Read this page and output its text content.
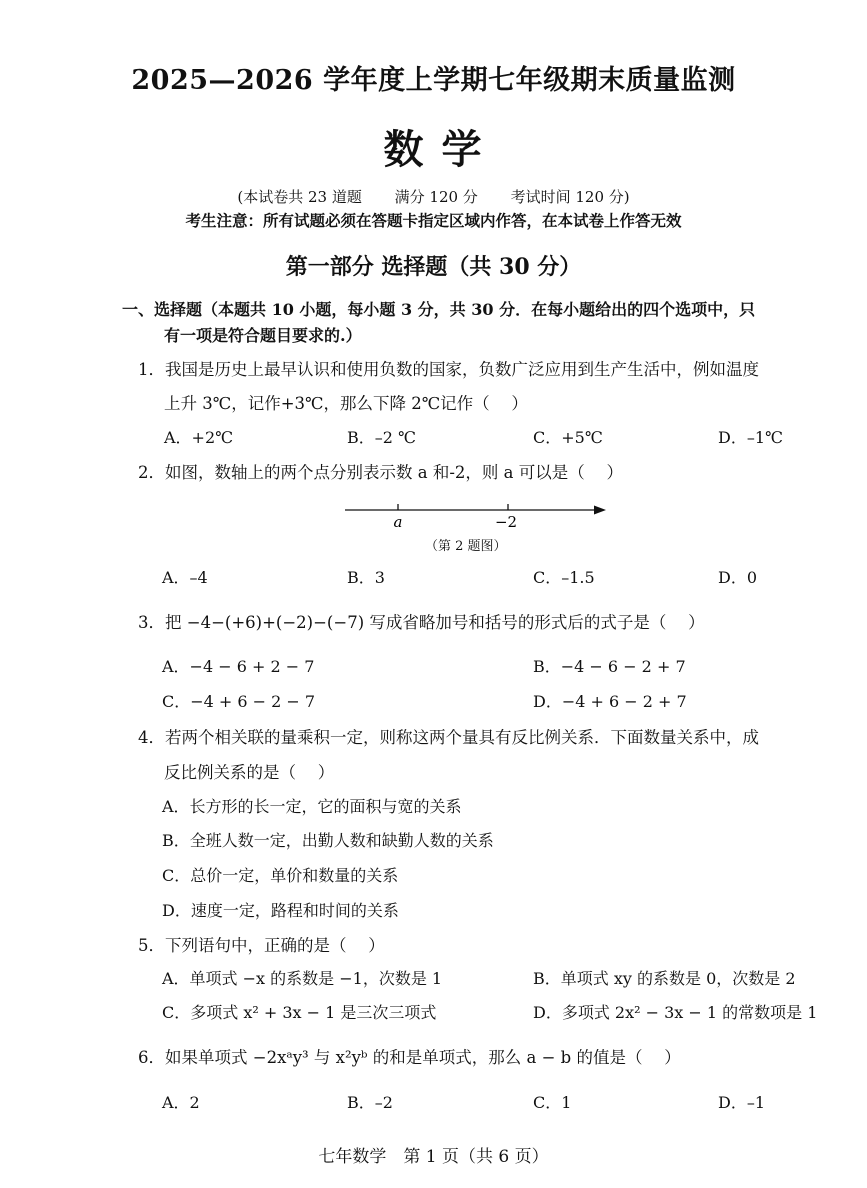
2025—2026 学年度上学期七年级期末质量监测
数 学
(本试卷共 23 道题 满分 120 分 考试时间 120 分)
考生注意：所有试题必须在答题卡指定区域内作答，在本试卷上作答无效
第一部分 选择题（共 30 分）
一、选择题（本题共 10 小题，每小题 3 分，共 30 分．在每小题给出的四个选项中，只
有一项是符合题目要求的.）
1．我国是历史上最早认识和使用负数的国家，负数广泛应用到生产生活中，例如温度
上升 3℃，记作+3℃，那么下降 2℃记作（　 ）
A．+2℃	B．–2 ℃	C．+5℃	D．–1℃
2．如图，数轴上的两个点分别表示数 a 和-2，则 a 可以是（　 ）
a	−2
（第 2 题图）
A．–4	B．3	C．–1.5	D．0
3．把 −4−(+6)+(−2)−(−7) 写成省略加号和括号的形式后的式子是（　 ）
A．−4 − 6 + 2 − 7	B．−4 − 6 − 2 + 7
C．−4 + 6 − 2 − 7	D．−4 + 6 − 2 + 7
4．若两个相关联的量乘积一定，则称这两个量具有反比例关系．下面数量关系中，成
反比例关系的是（　 ）
A．长方形的长一定，它的面积与宽的关系
B．全班人数一定，出勤人数和缺勤人数的关系
C．总价一定，单价和数量的关系
D．速度一定，路程和时间的关系
5．下列语句中，正确的是（　 ）
A．单项式 −x 的系数是 −1，次数是 1	B．单项式 xy 的系数是 0，次数是 2
C．多项式 x² + 3x − 1 是三次三项式	D．多项式 2x² − 3x − 1 的常数项是 1
6．如果单项式 −2xᵃy³ 与 x²yᵇ 的和是单项式，那么 a − b 的值是（　 ）
A．2	B．–2	C．1	D．–1
七年数学　第 1 页（共 6 页）
